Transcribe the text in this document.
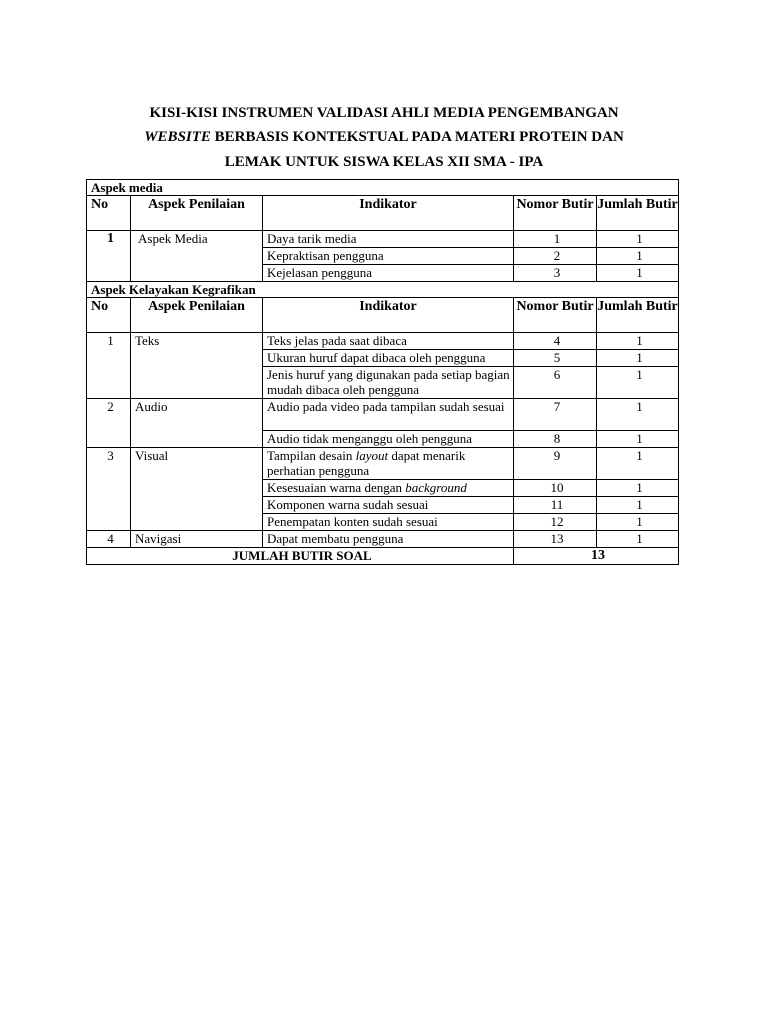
KISI-KISI INSTRUMEN VALIDASI AHLI MEDIA PENGEMBANGAN
WEBSITE BERBASIS KONTEKSTUAL PADA MATERI PROTEIN DAN
LEMAK UNTUK SISWA KELAS XII SMA - IPA
Aspek media				
No	Aspek Penilaian	Indikator	Nomor Butir	Jumlah Butir
1	Aspek Media	Daya tarik media	1	1
		Kepraktisan pengguna	2	1
		Kejelasan pengguna	3	1
Aspek Kelayakan Kegrafikan				
No	Aspek Penilaian	Indikator	Nomor Butir	Jumlah Butir
1	Teks	Teks jelas pada saat dibaca	4	1
		Ukuran huruf dapat dibaca oleh pengguna	5	1
		Jenis huruf yang digunakan pada setiap bagian mudah dibaca oleh pengguna	6	1
2	Audio	Audio pada video pada tampilan sudah sesuai	7	1
		Audio tidak menganggu oleh pengguna	8	1
3	Visual	Tampilan desain layout dapat menarik perhatian pengguna	9	1
		Kesesuaian warna dengan background	10	1
		Komponen warna sudah sesuai	11	1
		Penempatan konten sudah sesuai	12	1
4	Navigasi	Dapat membatu pengguna	13	1
JUMLAH BUTIR SOAL			13	
